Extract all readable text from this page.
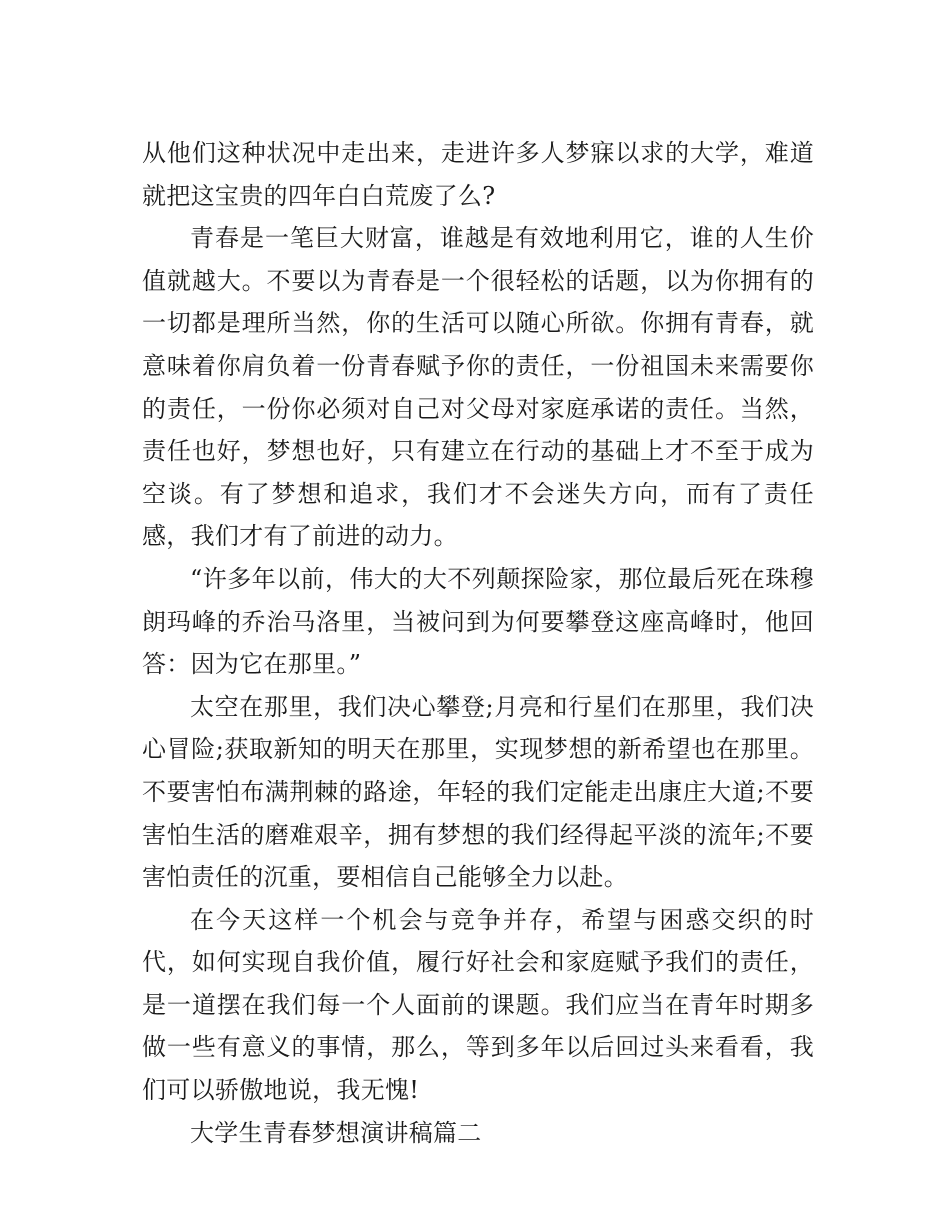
从他们这种状况中走出来，走进许多人梦寐以求的大学，难道就把这宝贵的四年白白荒废了么?

青春是一笔巨大财富，谁越是有效地利用它，谁的人生价值就越大。不要以为青春是一个很轻松的话题，以为你拥有的一切都是理所当然，你的生活可以随心所欲。你拥有青春，就意味着你肩负着一份青春赋予你的责任，一份祖国未来需要你的责任，一份你必须对自己对父母对家庭承诺的责任。当然，责任也好，梦想也好，只有建立在行动的基础上才不至于成为空谈。有了梦想和追求，我们才不会迷失方向，而有了责任感，我们才有了前进的动力。

“许多年以前，伟大的大不列颠探险家，那位最后死在珠穆朗玛峰的乔治马洛里，当被问到为何要攀登这座高峰时，他回答：因为它在那里。”

太空在那里，我们决心攀登;月亮和行星们在那里，我们决心冒险;获取新知的明天在那里，实现梦想的新希望也在那里。不要害怕布满荆棘的路途，年轻的我们定能走出康庄大道;不要害怕生活的磨难艰辛，拥有梦想的我们经得起平淡的流年;不要害怕责任的沉重，要相信自己能够全力以赴。

在今天这样一个机会与竞争并存，希望与困惑交织的时代，如何实现自我价值，履行好社会和家庭赋予我们的责任，是一道摆在我们每一个人面前的课题。我们应当在青年时期多做一些有意义的事情，那么，等到多年以后回过头来看看，我们可以骄傲地说，我无愧!

大学生青春梦想演讲稿篇二
